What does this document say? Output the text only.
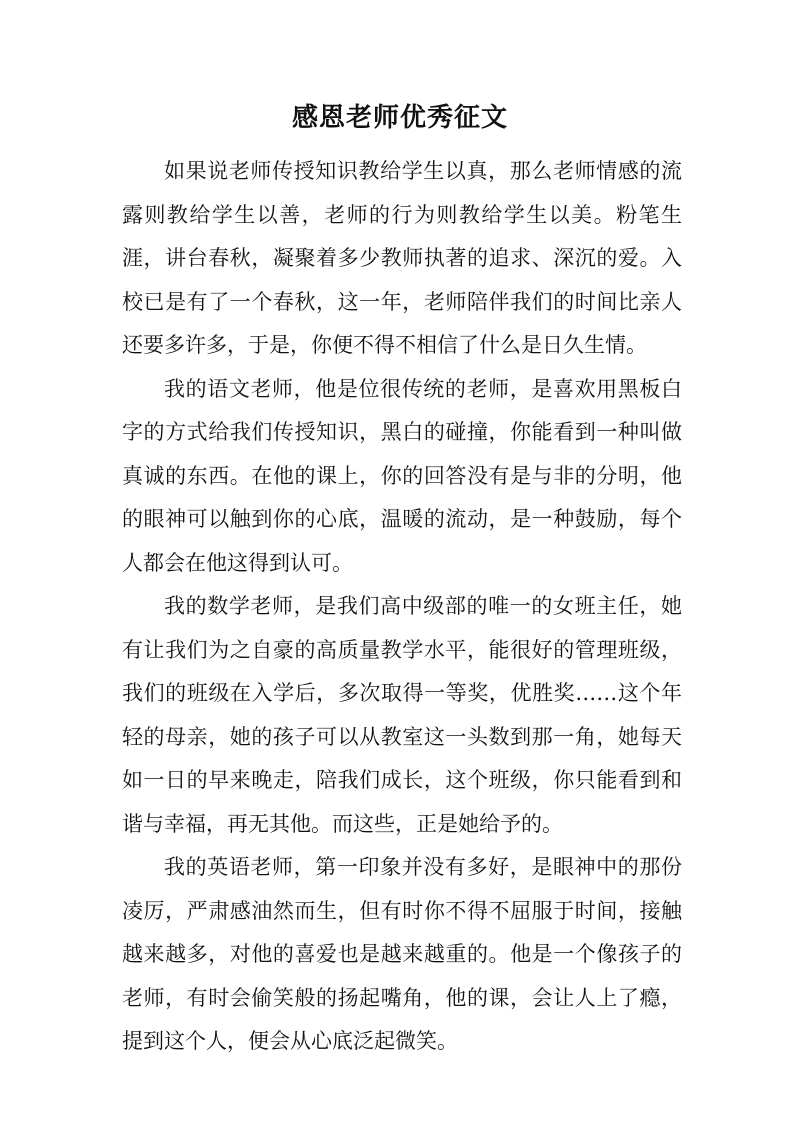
感恩老师优秀征文

如果说老师传授知识教给学生以真，那么老师情感的流露则教给学生以善，老师的行为则教给学生以美。粉笔生涯，讲台春秋，凝聚着多少教师执著的追求、深沉的爱。入校已是有了一个春秋，这一年，老师陪伴我们的时间比亲人还要多许多，于是，你便不得不相信了什么是日久生情。

我的语文老师，他是位很传统的老师，是喜欢用黑板白字的方式给我们传授知识，黑白的碰撞，你能看到一种叫做真诚的东西。在他的课上，你的回答没有是与非的分明，他的眼神可以触到你的心底，温暖的流动，是一种鼓励，每个人都会在他这得到认可。

我的数学老师，是我们高中级部的唯一的女班主任，她有让我们为之自豪的高质量教学水平，能很好的管理班级，我们的班级在入学后，多次取得一等奖，优胜奖……这个年轻的母亲，她的孩子可以从教室这一头数到那一角，她每天如一日的早来晚走，陪我们成长，这个班级，你只能看到和谐与幸福，再无其他。而这些，正是她给予的。

我的英语老师，第一印象并没有多好，是眼神中的那份凌厉，严肃感油然而生，但有时你不得不屈服于时间，接触越来越多，对他的喜爱也是越来越重的。他是一个像孩子的老师，有时会偷笑般的扬起嘴角，他的课，会让人上了瘾，提到这个人，便会从心底泛起微笑。
